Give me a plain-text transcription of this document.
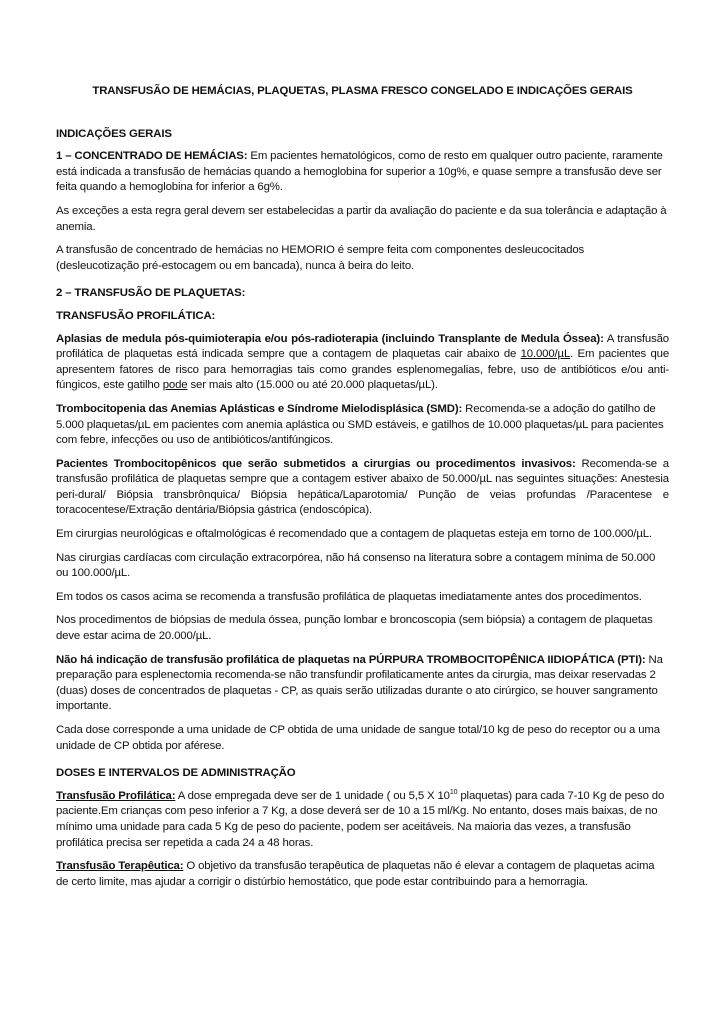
TRANSFUSÃO DE HEMÁCIAS, PLAQUETAS, PLASMA FRESCO CONGELADO E INDICAÇÕES GERAIS
INDICAÇÕES GERAIS

1 – CONCENTRADO DE HEMÁCIAS: Em pacientes hematológicos, como de resto em qualquer outro paciente, raramente está indicada a transfusão de hemácias quando a hemoglobina for superior a 10g%, e quase sempre a transfusão deve ser feita quando a hemoglobina for inferior a 6g%.

As exceções a esta regra geral devem ser estabelecidas a partir da avaliação do paciente e da sua tolerância e adaptação à anemia.

A transfusão de concentrado de hemácias no HEMORIO é sempre feita com componentes desleucocitados (desleucotização pré-estocagem ou em bancada), nunca à beira do leito.

2 – TRANSFUSÃO DE PLAQUETAS:
TRANSFUSÃO PROFILÁTICA:

Aplasias de medula pós-quimioterapia e/ou pós-radioterapia (incluindo Transplante de Medula Óssea): A transfusão profilática de plaquetas está indicada sempre que a contagem de plaquetas cair abaixo de 10.000/µL. Em pacientes que apresentem fatores de risco para hemorragias tais como grandes esplenomegalias, febre, uso de antibióticos e/ou anti-fúngicos, este gatilho pode ser mais alto (15.000 ou até 20.000 plaquetas/µL).

Trombocitopenia das Anemias Aplásticas e Síndrome Mielodisplásica (SMD): Recomenda-se a adoção do gatilho de 5.000 plaquetas/µL em pacientes com anemia aplástica ou SMD estáveis, e gatilhos de 10.000 plaquetas/µL para pacientes com febre, infecções ou uso de antibióticos/antifúngicos.

Pacientes Trombocitopênicos que serão submetidos a cirurgias ou procedimentos invasivos: Recomenda-se a transfusão profilática de plaquetas sempre que a contagem estiver abaixo de 50.000/µL nas seguintes situações: Anestesia peri-dural/ Biópsia transbrônquica/ Biópsia hepática/Laparotomia/ Punção de veias profundas /Paracentese e toracocentese/Extração dentária/Biópsia gástrica (endoscópica).

Em cirurgias neurológicas e oftalmológicas é recomendado que a contagem de plaquetas esteja em torno de 100.000/µL.

Nas cirurgias cardíacas com circulação extracorpórea, não há consenso na literatura sobre a contagem mínima de 50.000 ou 100.000/µL.

Em todos os casos acima se recomenda a transfusão profilática de plaquetas imediatamente antes dos procedimentos.

Nos procedimentos de biópsias de medula óssea, punção lombar e broncoscopia (sem biópsia) a contagem de plaquetas deve estar acima de 20.000/µL.

Não há indicação de transfusão profilática de plaquetas na PÚRPURA TROMBOCITOPÊNICA IIDIOPÁTICA (PTI): Na preparação para esplenectomia recomenda-se não transfundir profilaticamente antes da cirurgia, mas deixar reservadas 2 (duas) doses de concentrados de plaquetas - CP, as quais serão utilizadas durante o ato cirúrgico, se houver sangramento importante.

Cada dose corresponde a uma unidade de CP obtida de uma unidade de sangue total/10 kg de peso do receptor ou a uma unidade de CP obtida por aférese.

DOSES E INTERVALOS DE ADMINISTRAÇÃO

Transfusão Profilática: A dose empregada deve ser de 1 unidade ( ou 5,5 X $10^{10}$ plaquetas) para cada 7-10 Kg de peso do paciente.Em crianças com peso inferior a 7 Kg, a dose deverá ser de 10 a 15 ml/Kg. No entanto, doses mais baixas, de no mínimo uma unidade para cada 5 Kg de peso do paciente, podem ser aceitáveis. Na maioria das vezes, a transfusão profilática precisa ser repetida a cada 24 a 48 horas.

Transfusão Terapêutica: O objetivo da transfusão terapêutica de plaquetas não é elevar a contagem de plaquetas acima de certo limite, mas ajudar a corrigir o distúrbio hemostático, que pode estar contribuindo para a hemorragia.
